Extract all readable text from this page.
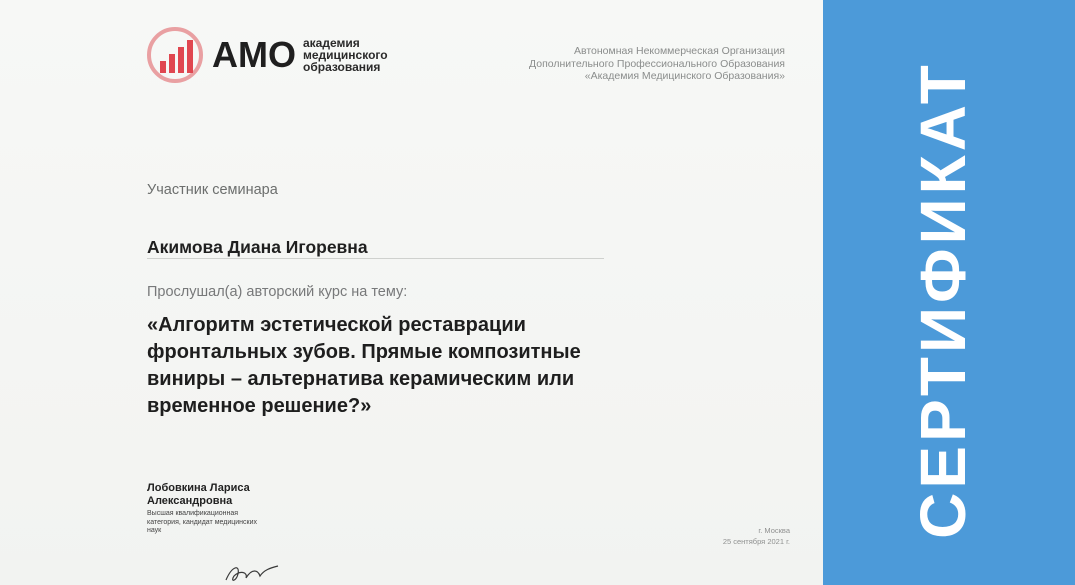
АМО академия
медицинского
образования
Автономная Некоммерческая Организация
Дополнительного Профессионального Образования
«Академия Медицинского Образования»
Участник семинара
Акимова Диана Игоревна
Прослушал(а) авторский курс на тему:
«Алгоритм эстетической реставрации
фронтальных зубов. Прямые композитные
виниры – альтернатива керамическим или
временное решение?»
Лобовкина Лариса
Александровна
Высшая квалификационная
категория, кандидат медицинских
наук	г. Москва
25 сентября 2021 г.
СЕРТИФИКАТ
